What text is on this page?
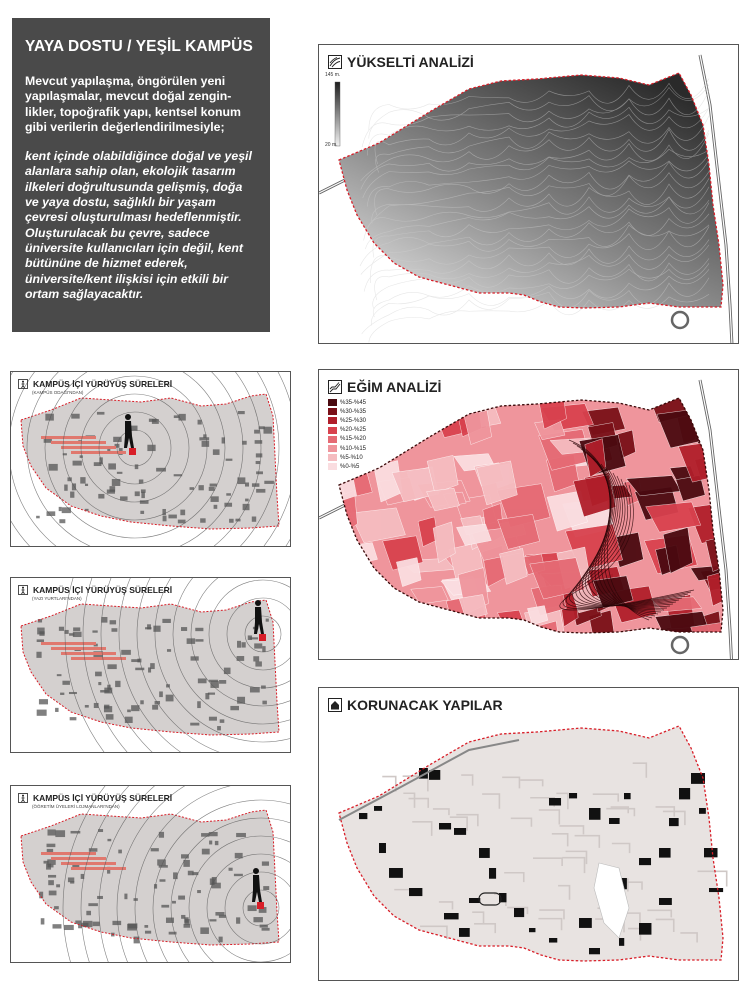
YAYA DOSTU / YEŞİL KAMPÜS
Mevcut yapılaşma, öngörülen yeni yapılaşmalar, mevcut doğal zengin-likler, topoğrafik yapı, kentsel konum gibi verilerin değerlendirilmesiyle;
kent içinde olabildiğince doğal ve yeşil alanlara sahip olan, ekolojik tasarım ilkeleri doğrultusunda gelişmiş, doğa ve yaya dostu, sağlıklı bir yaşam çevresi oluşturulması hedeflenmiştir. Oluşturulacak bu çevre, sadece üniversite kullanıcıları için değil, kent bütününe de hizmet ederek, üniversite/kent ilişkisi için etkili bir ortam sağlayacaktır.
YÜKSELTİ ANALİZİ
145 m.
20 m.
KAMPÜS İÇİ YÜRÜYÜŞ SÜRELERİ
(KAMPÜS ODAĞI'NDAN)
KAMPÜS İÇİ YÜRÜYÜŞ SÜRELERİ
(YAZI YURTLARI'NDAN)
KAMPÜS İÇİ YÜRÜYÜŞ SÜRELERİ
(ÖĞRETİM ÜYELERİ LOJMANLARI'NDAN)
EĞİM ANALİZİ
%35-%45
%30-%35
%25-%30
%20-%25
%15-%20
%10-%15
%5-%10
%0-%5
KORUNACAK YAPILAR
